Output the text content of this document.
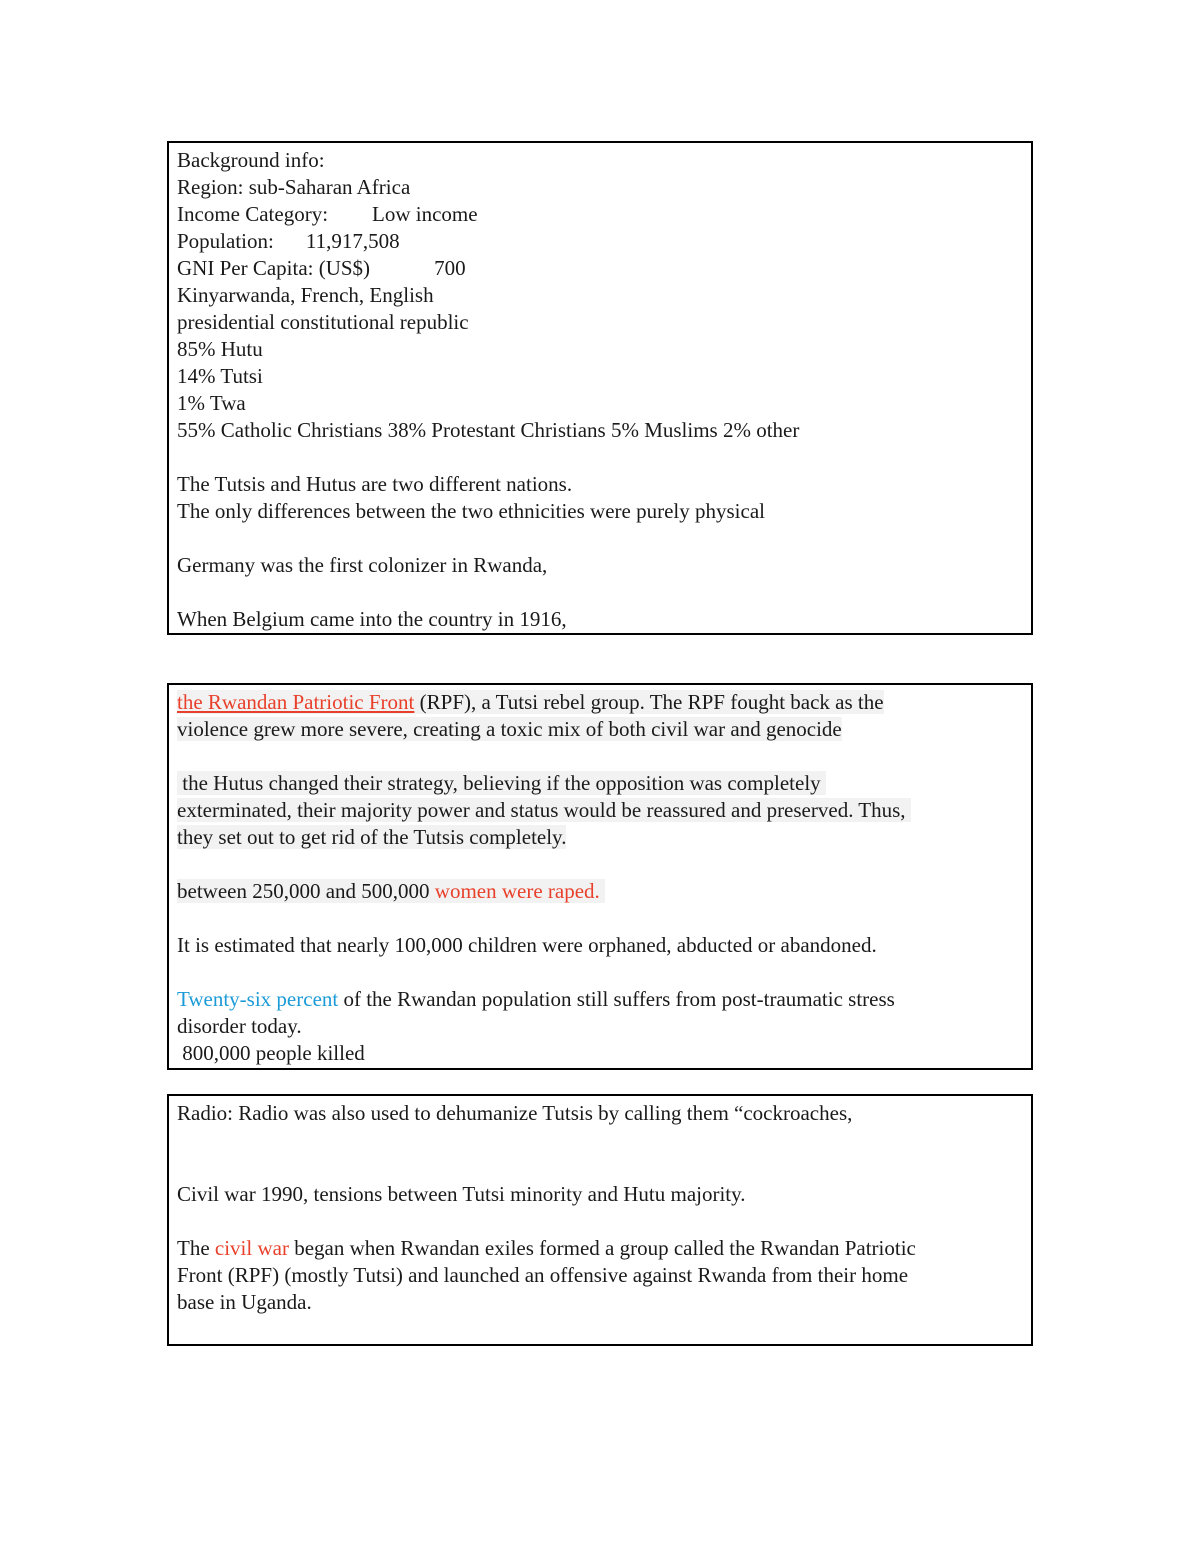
Background info:
Region: sub-Saharan Africa
Income Category: Low income
Population: 11,917,508
GNI Per Capita: (US$)	700
Kinyarwanda, French, English
presidential constitutional republic
85% Hutu
14% Tutsi
1% Twa
55% Catholic Christians 38% Protestant Christians 5% Muslims 2% other
The Tutsis and Hutus are two different nations.
The only differences between the two ethnicities were purely physical
Germany was the first colonizer in Rwanda,
When Belgium came into the country in 1916,
the Rwandan Patriotic Front (RPF), a Tutsi rebel group. The RPF fought back as the
violence grew more severe, creating a toxic mix of both civil war and genocide
the Hutus changed their strategy, believing if the opposition was completely
exterminated, their majority power and status would be reassured and preserved. Thus,
they set out to get rid of the Tutsis completely.
between 250,000 and 500,000 women were raped.
It is estimated that nearly 100,000 children were orphaned, abducted or abandoned.
Twenty-six percent of the Rwandan population still suffers from post-traumatic stress
disorder today.
800,000 people killed
Radio: Radio was also used to dehumanize Tutsis by calling them “cockroaches,
Civil war 1990, tensions between Tutsi minority and Hutu majority.
The civil war began when Rwandan exiles formed a group called the Rwandan Patriotic
Front (RPF) (mostly Tutsi) and launched an offensive against Rwanda from their home
base in Uganda.
